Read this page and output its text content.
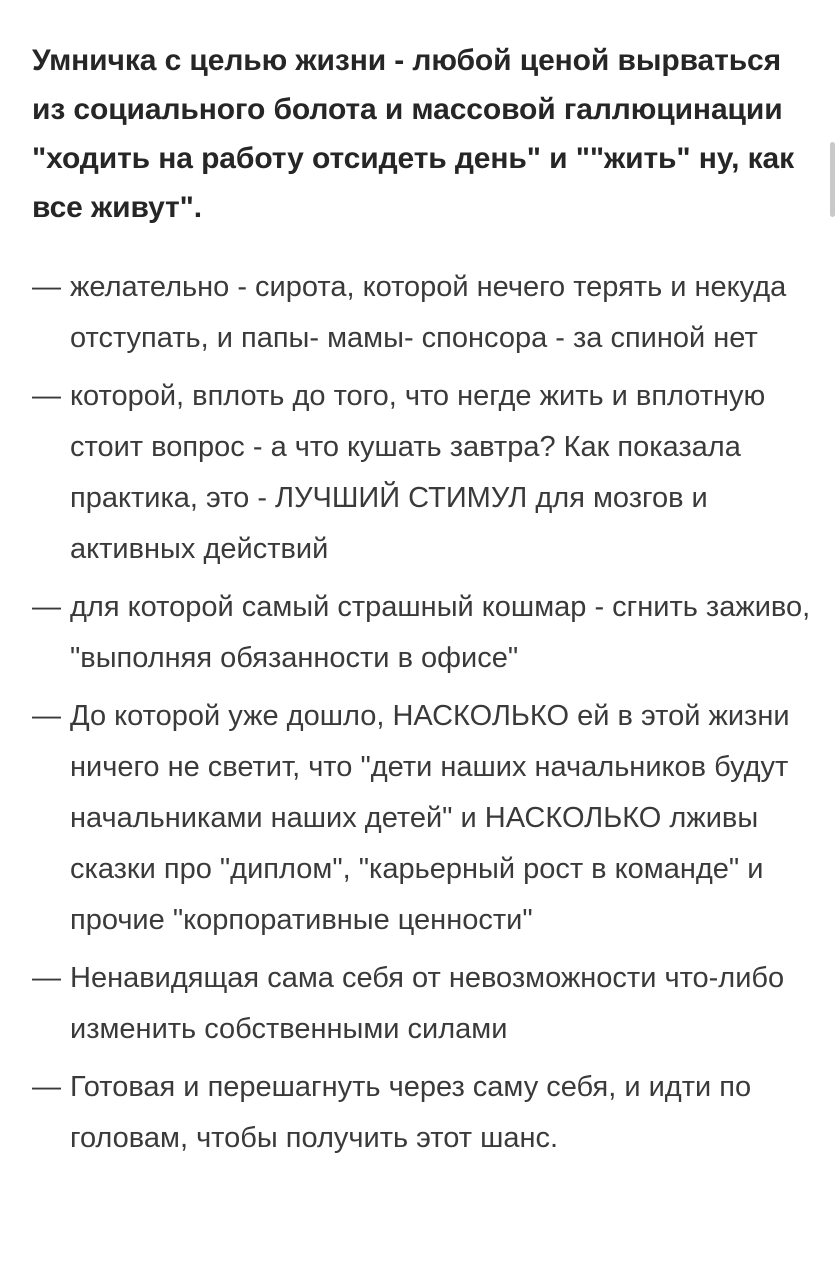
Умничка с целью жизни - любой ценой вырваться из социального болота и массовой галлюцинации "ходить на работу отсидеть день" и ""жить" ну, как все живут".
— желательно - сирота, которой нечего терять и некуда отступать, и папы- мамы- спонсора - за спиной нет
— которой, вплоть до того, что негде жить и вплотную стоит вопрос - а что кушать завтра? Как показала практика, это - ЛУЧШИЙ СТИМУЛ для мозгов и активных действий
— для которой самый страшный кошмар - сгнить заживо, "выполняя обязанности в офисе"
— До которой уже дошло, НАСКОЛЬКО ей в этой жизни ничего не светит, что "дети наших начальников будут начальниками наших детей" и НАСКОЛЬКО лживы сказки про "диплом", "карьерный рост в команде" и прочие "корпоративные ценности"
— Ненавидящая сама себя от невозможности что-либо изменить собственными силами
— Готовая и перешагнуть через саму себя, и идти по головам, чтобы получить этот шанс.
